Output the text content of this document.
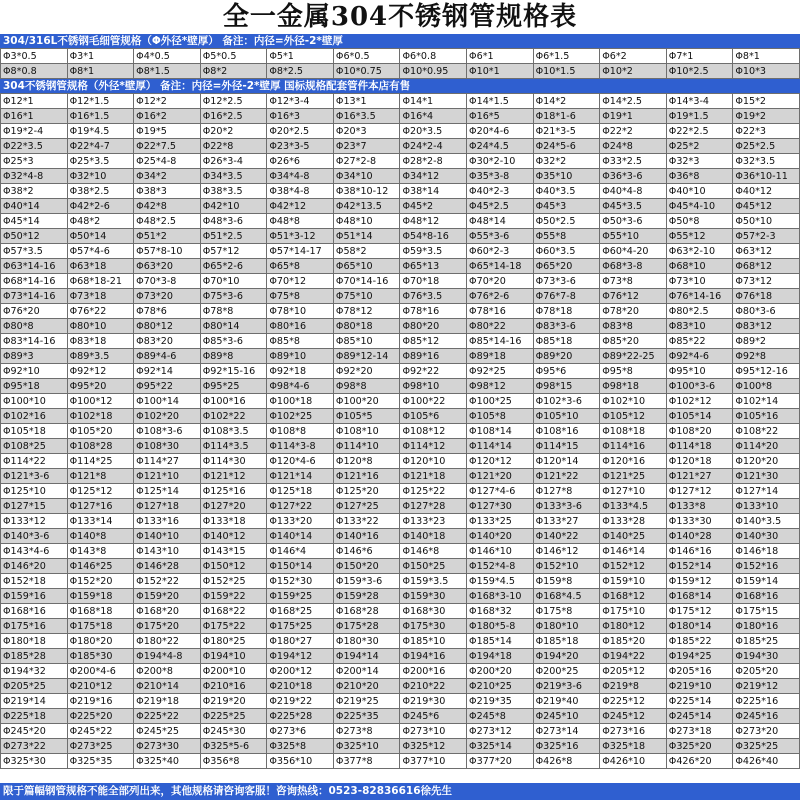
全一金属304不锈钢管规格表
304/316L不锈钢毛细管规格（Φ外径*壁厚） 备注：内径=外径-2*壁厚
Φ3*0.5	Φ3*1	Φ4*0.5	Φ5*0.5	Φ5*1	Φ6*0.5	Φ6*0.8	Φ6*1	Φ6*1.5	Φ6*2	Φ7*1	Φ8*1
Φ8*0.8	Φ8*1	Φ8*1.5	Φ8*2	Φ8*2.5	Φ10*0.75	Φ10*0.95	Φ10*1	Φ10*1.5	Φ10*2	Φ10*2.5	Φ10*3
304不锈钢管规格（外径*壁厚） 备注：内径=外径-2*壁厚 国标规格配套管件本店有售
Φ12*1	Φ12*1.5	Φ12*2	Φ12*2.5	Φ12*3-4	Φ13*1	Φ14*1	Φ14*1.5	Φ14*2	Φ14*2.5	Φ14*3-4	Φ15*2
Φ16*1	Φ16*1.5	Φ16*2	Φ16*2.5	Φ16*3	Φ16*3.5	Φ16*4	Φ16*5	Φ18*1-6	Φ19*1	Φ19*1.5	Φ19*2
Φ19*2-4	Φ19*4.5	Φ19*5	Φ20*2	Φ20*2.5	Φ20*3	Φ20*3.5	Φ20*4-6	Φ21*3-5	Φ22*2	Φ22*2.5	Φ22*3
Φ22*3.5	Φ22*4-7	Φ22*7.5	Φ22*8	Φ23*3-5	Φ23*7	Φ24*2-4	Φ24*4.5	Φ24*5-6	Φ24*8	Φ25*2	Φ25*2.5
Φ25*3	Φ25*3.5	Φ25*4-8	Φ26*3-4	Φ26*6	Φ27*2-8	Φ28*2-8	Φ30*2-10	Φ32*2	Φ33*2.5	Φ32*3	Φ32*3.5
Φ32*4-8	Φ32*10	Φ34*2	Φ34*3.5	Φ34*4-8	Φ34*10	Φ34*12	Φ35*3-8	Φ35*10	Φ36*3-6	Φ36*8	Φ36*10-11
Φ38*2	Φ38*2.5	Φ38*3	Φ38*3.5	Φ38*4-8	Φ38*10-12	Φ38*14	Φ40*2-3	Φ40*3.5	Φ40*4-8	Φ40*10	Φ40*12
Φ40*14	Φ42*2-6	Φ42*8	Φ42*10	Φ42*12	Φ42*13.5	Φ45*2	Φ45*2.5	Φ45*3	Φ45*3.5	Φ45*4-10	Φ45*12
Φ45*14	Φ48*2	Φ48*2.5	Φ48*3-6	Φ48*8	Φ48*10	Φ48*12	Φ48*14	Φ50*2.5	Φ50*3-6	Φ50*8	Φ50*10
Φ50*12	Φ50*14	Φ51*2	Φ51*2.5	Φ51*3-12	Φ51*14	Φ54*8-16	Φ55*3-6	Φ55*8	Φ55*10	Φ55*12	Φ57*2-3
Φ57*3.5	Φ57*4-6	Φ57*8-10	Φ57*12	Φ57*14-17	Φ58*2	Φ59*3.5	Φ60*2-3	Φ60*3.5	Φ60*4-20	Φ63*2-10	Φ63*12
Φ63*14-16	Φ63*18	Φ63*20	Φ65*2-6	Φ65*8	Φ65*10	Φ65*13	Φ65*14-18	Φ65*20	Φ68*3-8	Φ68*10	Φ68*12
Φ68*14-16	Φ68*18-21	Φ70*3-8	Φ70*10	Φ70*12	Φ70*14-16	Φ70*18	Φ70*20	Φ73*3-6	Φ73*8	Φ73*10	Φ73*12
Φ73*14-16	Φ73*18	Φ73*20	Φ75*3-6	Φ75*8	Φ75*10	Φ76*3.5	Φ76*2-6	Φ76*7-8	Φ76*12	Φ76*14-16	Φ76*18
Φ76*20	Φ76*22	Φ78*6	Φ78*8	Φ78*10	Φ78*12	Φ78*16	Φ78*16	Φ78*18	Φ78*20	Φ80*2.5	Φ80*3-6
Φ80*8	Φ80*10	Φ80*12	Φ80*14	Φ80*16	Φ80*18	Φ80*20	Φ80*22	Φ83*3-6	Φ83*8	Φ83*10	Φ83*12
Φ83*14-16	Φ83*18	Φ83*20	Φ85*3-6	Φ85*8	Φ85*10	Φ85*12	Φ85*14-16	Φ85*18	Φ85*20	Φ85*22	Φ89*2
Φ89*3	Φ89*3.5	Φ89*4-6	Φ89*8	Φ89*10	Φ89*12-14	Φ89*16	Φ89*18	Φ89*20	Φ89*22-25	Φ92*4-6	Φ92*8
Φ92*10	Φ92*12	Φ92*14	Φ92*15-16	Φ92*18	Φ92*20	Φ92*22	Φ92*25	Φ95*6	Φ95*8	Φ95*10	Φ95*12-16
Φ95*18	Φ95*20	Φ95*22	Φ95*25	Φ98*4-6	Φ98*8	Φ98*10	Φ98*12	Φ98*15	Φ98*18	Φ100*3-6	Φ100*8
Φ100*10	Φ100*12	Φ100*14	Φ100*16	Φ100*18	Φ100*20	Φ100*22	Φ100*25	Φ102*3-6	Φ102*10	Φ102*12	Φ102*14
Φ102*16	Φ102*18	Φ102*20	Φ102*22	Φ102*25	Φ105*5	Φ105*6	Φ105*8	Φ105*10	Φ105*12	Φ105*14	Φ105*16
Φ105*18	Φ105*20	Φ108*3-6	Φ108*3.5	Φ108*8	Φ108*10	Φ108*12	Φ108*14	Φ108*16	Φ108*18	Φ108*20	Φ108*22
Φ108*25	Φ108*28	Φ108*30	Φ114*3.5	Φ114*3-8	Φ114*10	Φ114*12	Φ114*14	Φ114*15	Φ114*16	Φ114*18	Φ114*20
Φ114*22	Φ114*25	Φ114*27	Φ114*30	Φ120*4-6	Φ120*8	Φ120*10	Φ120*12	Φ120*14	Φ120*16	Φ120*18	Φ120*20
Φ121*3-6	Φ121*8	Φ121*10	Φ121*12	Φ121*14	Φ121*16	Φ121*18	Φ121*20	Φ121*22	Φ121*25	Φ121*27	Φ121*30
Φ125*10	Φ125*12	Φ125*14	Φ125*16	Φ125*18	Φ125*20	Φ125*22	Φ127*4-6	Φ127*8	Φ127*10	Φ127*12	Φ127*14
Φ127*15	Φ127*16	Φ127*18	Φ127*20	Φ127*22	Φ127*25	Φ127*28	Φ127*30	Φ133*3-6	Φ133*4.5	Φ133*8	Φ133*10
Φ133*12	Φ133*14	Φ133*16	Φ133*18	Φ133*20	Φ133*22	Φ133*23	Φ133*25	Φ133*27	Φ133*28	Φ133*30	Φ140*3.5
Φ140*3-6	Φ140*8	Φ140*10	Φ140*12	Φ140*14	Φ140*16	Φ140*18	Φ140*20	Φ140*22	Φ140*25	Φ140*28	Φ140*30
Φ143*4-6	Φ143*8	Φ143*10	Φ143*15	Φ146*4	Φ146*6	Φ146*8	Φ146*10	Φ146*12	Φ146*14	Φ146*16	Φ146*18
Φ146*20	Φ146*25	Φ146*28	Φ150*12	Φ150*14	Φ150*20	Φ150*25	Φ152*4-8	Φ152*10	Φ152*12	Φ152*14	Φ152*16
Φ152*18	Φ152*20	Φ152*22	Φ152*25	Φ152*30	Φ159*3-6	Φ159*3.5	Φ159*4.5	Φ159*8	Φ159*10	Φ159*12	Φ159*14
Φ159*16	Φ159*18	Φ159*20	Φ159*22	Φ159*25	Φ159*28	Φ159*30	Φ168*3-10	Φ168*4.5	Φ168*12	Φ168*14	Φ168*16
Φ168*16	Φ168*18	Φ168*20	Φ168*22	Φ168*25	Φ168*28	Φ168*30	Φ168*32	Φ175*8	Φ175*10	Φ175*12	Φ175*15
Φ175*16	Φ175*18	Φ175*20	Φ175*22	Φ175*25	Φ175*28	Φ175*30	Φ180*5-8	Φ180*10	Φ180*12	Φ180*14	Φ180*16
Φ180*18	Φ180*20	Φ180*22	Φ180*25	Φ180*27	Φ180*30	Φ185*10	Φ185*14	Φ185*18	Φ185*20	Φ185*22	Φ185*25
Φ185*28	Φ185*30	Φ194*4-8	Φ194*10	Φ194*12	Φ194*14	Φ194*16	Φ194*18	Φ194*20	Φ194*22	Φ194*25	Φ194*30
Φ194*32	Φ200*4-6	Φ200*8	Φ200*10	Φ200*12	Φ200*14	Φ200*16	Φ200*20	Φ200*25	Φ205*12	Φ205*16	Φ205*20
Φ205*25	Φ210*12	Φ210*14	Φ210*16	Φ210*18	Φ210*20	Φ210*22	Φ210*25	Φ219*3-6	Φ219*8	Φ219*10	Φ219*12
Φ219*14	Φ219*16	Φ219*18	Φ219*20	Φ219*22	Φ219*25	Φ219*30	Φ219*35	Φ219*40	Φ225*12	Φ225*14	Φ225*16
Φ225*18	Φ225*20	Φ225*22	Φ225*25	Φ225*28	Φ225*35	Φ245*6	Φ245*8	Φ245*10	Φ245*12	Φ245*14	Φ245*16
Φ245*20	Φ245*22	Φ245*25	Φ245*30	Φ273*6	Φ273*8	Φ273*10	Φ273*12	Φ273*14	Φ273*16	Φ273*18	Φ273*20
Φ273*22	Φ273*25	Φ273*30	Φ325*5-6	Φ325*8	Φ325*10	Φ325*12	Φ325*14	Φ325*16	Φ325*18	Φ325*20	Φ325*25
Φ325*30	Φ325*35	Φ325*40	Φ356*8	Φ356*10	Φ377*8	Φ377*10	Φ377*20	Φ426*8	Φ426*10	Φ426*20	Φ426*40
限于篇幅钢管规格不能全部列出来，其他规格请咨询客服！咨询热线：0523-82836616徐先生
